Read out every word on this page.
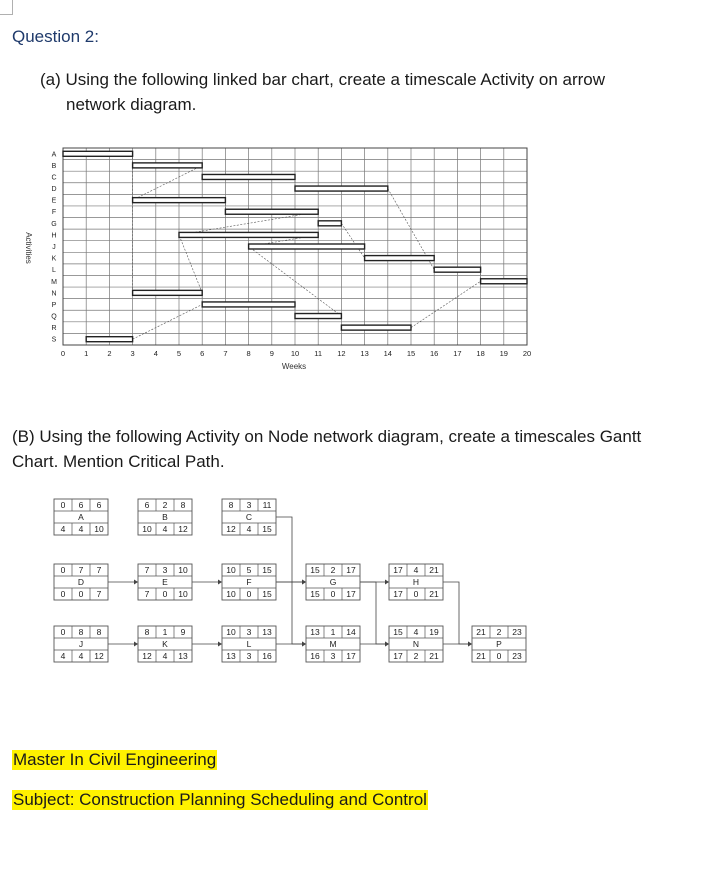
Question 2:
(a) Using the following linked bar chart, create a timescale Activity on arrow
network diagram.
A
B
C
D
E
F
G
H
J
K
L
M
N
P
Q
R
S
0	1	2	3	4	5	6	7	8	9 10 11 12 13 14 15 16 17 18 19 20
Activities
Weeks
(B) Using the following Activity on Node network diagram, create a timescales Gantt
Chart. Mention Critical Path.
0 6 6
A
4 4 10
6 2 8
B
10 4 12
8 3 11
C
12 4 15
0 7 7
D
0 0 7
7 3 10
E
7 0 10
10 5 15
F
10 0 15
15 2 17
G
15 0 17
17 4 21
H
17 0 21
0 8 8
J
4 4 12
8 1 9
K
12 4 13
10 3 13
L
13 3 16
13 1 14
M
16 3 17
15 4 19
N
17 2 21
21 2 23
P
21 0 23
Master In Civil Engineering
Subject: Construction Planning Scheduling and Control
